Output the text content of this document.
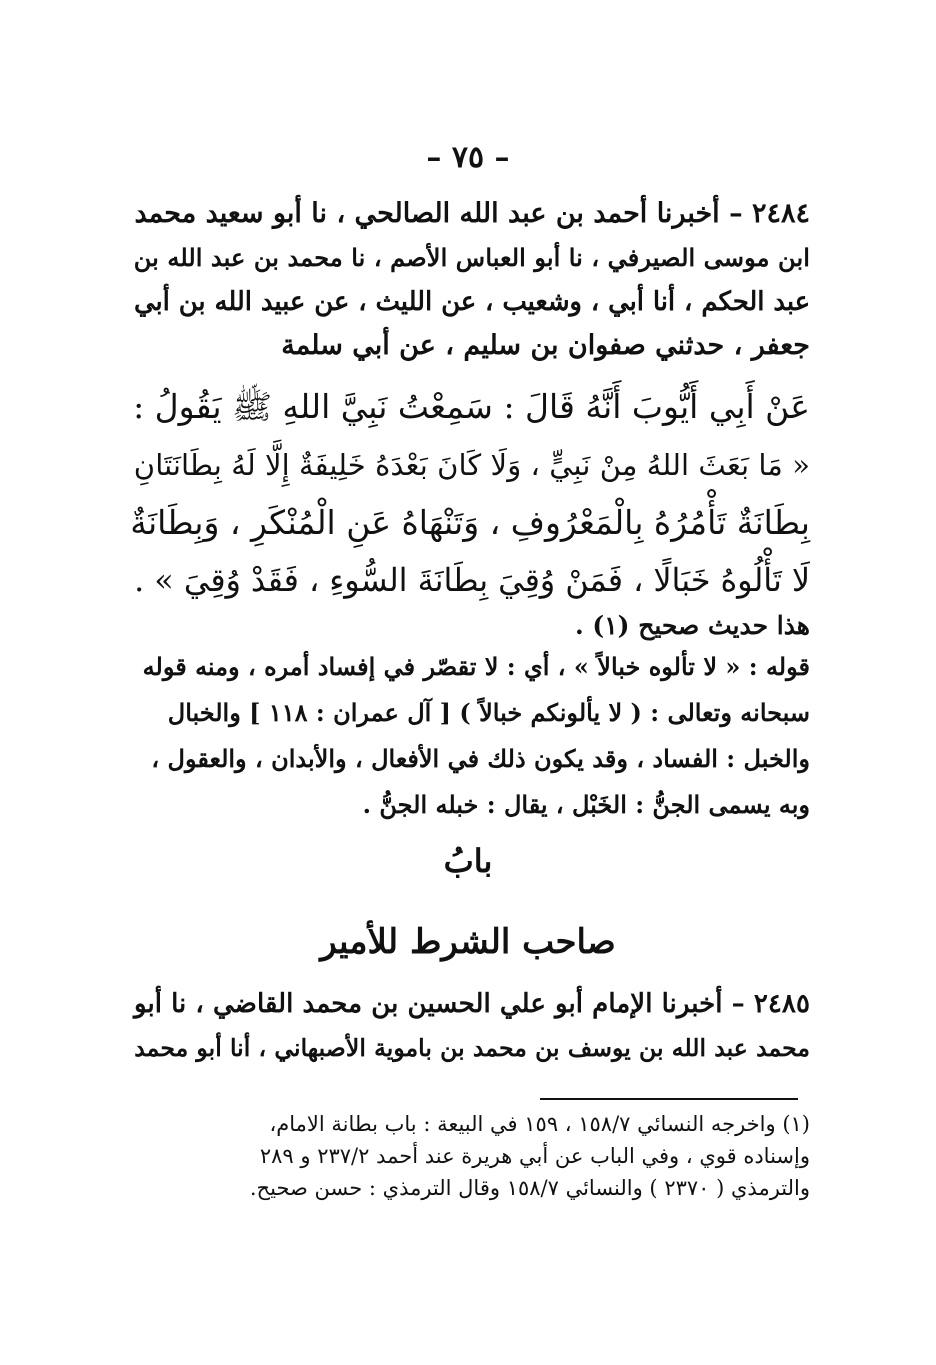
– ٧٥ –
٢٤٨٤ – أخبرنا أحمد بن عبد الله الصالحي ، نا أبو سعيد محمد
ابن موسى الصيرفي ، نا أبو العباس الأصم ، نا محمد بن عبد الله بن
عبد الحكم ، أنا أبي ، وشعيب ، عن الليث ، عن عبيد الله بن أبي
جعفر ، حدثني صفوان بن سليم ، عن أبي سلمة
عَنْ أَبِي أَيُّوبَ أَنَّهُ قَالَ : سَمِعْتُ نَبِيَّ اللهِ ﷺ يَقُولُ :
« مَا بَعَثَ اللهُ مِنْ نَبِيٍّ ، وَلَا كَانَ بَعْدَهُ خَلِيفَةٌ إِلَّا لَهُ بِطَانَتَانِ
بِطَانَةٌ تَأْمُرُهُ بِالْمَعْرُوفِ ، وَتَنْهَاهُ عَنِ الْمُنْكَرِ ، وَبِطَانَةٌ
لَا تَأْلُوهُ خَبَالًا ، فَمَنْ وُقِيَ بِطَانَةَ السُّوءِ ، فَقَدْ وُقِيَ » .
هذا حديث صحيح (١) .
قوله : « لا تألوه خبالاً » ، أي : لا تقصّر في إفساد أمره ، ومنه قوله
سبحانه وتعالى : ( لا يألونكم خبالاً ) [ آل عمران : ١١٨ ] والخبال
والخبل : الفساد ، وقد يكون ذلك في الأفعال ، والأبدان ، والعقول ،
وبه يسمى الجنُّ : الخَبْل ، يقال : خبله الجنُّ .
بابُ
صاحب الشرط للأمير
٢٤٨٥ – أخبرنا الإمام أبو علي الحسين بن محمد القاضي ، نا أبو
محمد عبد الله بن يوسف بن محمد بن باموية الأصبهاني ، أنا أبو محمد
(١) واخرجه النسائي ١٥٨/٧ ، ١٥٩ في البيعة : باب بطانة الامام،
وإسناده قوي ، وفي الباب عن أبي هريرة عند أحمد ٢٣٧/٢ و ٢٨٩
والترمذي ( ٢٣٧٠ ) والنسائي ١٥٨/٧ وقال الترمذي : حسن صحيح.
